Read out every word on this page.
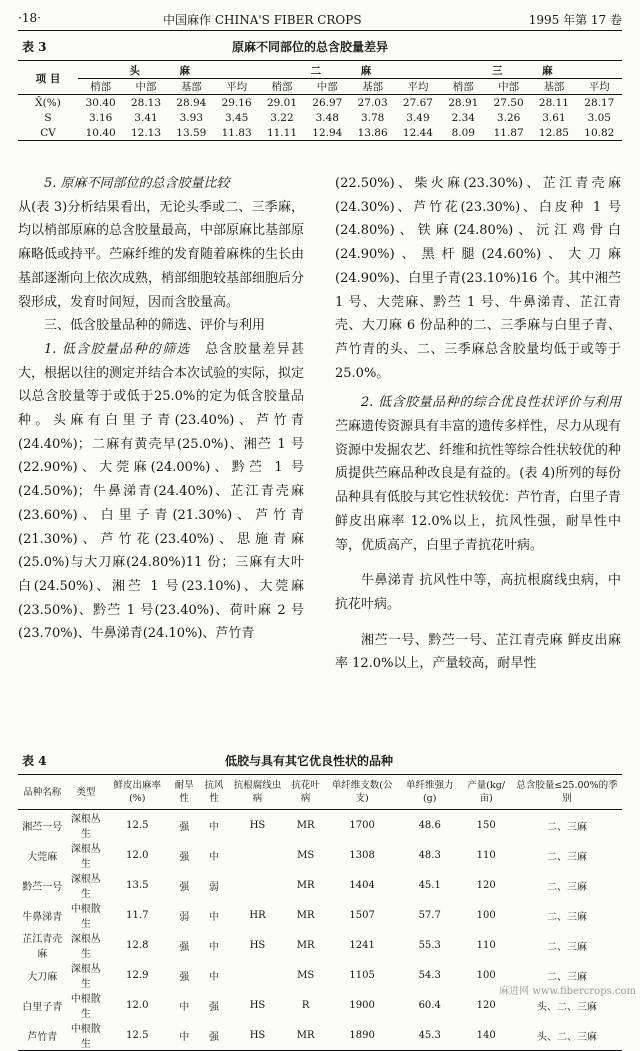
·18·	中国麻作 CHINA'S FIBER CROPS	1995 年第 17 卷
表 3	原麻不同部位的总含胶量差异
项 目	头 麻				二 麻				三 麻			
	梢部	中部	基部	平均	梢部	中部	基部	平均	梢部	中部	基部	平均
X̄(%)	30.40	28.13	28.94	29.16	29.01	26.97	27.03	27.67	28.91	27.50	28.11	28.17
S	3.16	3.41	3.93	3.45	3.22	3.48	3.78	3.49	2.34	3.26	3.61	3.05
CV	10.40	12.13	13.59	11.83	11.11	12.94	13.86	12.44	8.09	11.87	12.85	10.82

5. 原麻不同部位的总含胶量比较

从(表 3)分析结果看出，无论头季或二、三季麻，均以梢部原麻的总含胶量最高，中部原麻比基部原麻略低或持平。苎麻纤维的发育随着麻株的生长由基部逐渐向上依次成熟，梢部细胞较基部细胞后分裂形成，发育时间短，因而含胶量高。

三、低含胶量品种的筛选、评价与利用

1. 低含胶量品种的筛选　 总含胶量差异甚大，根据以往的测定并结合本次试验的实际，拟定以总含胶量等于或低于25.0%的定为低含胶量品种。头麻有白里子青(23.40%)、芦竹青(24.40%)；二麻有黄壳早(25.0%)、湘苎 1 号(22.90%)、大莞麻(24.00%)、黔苎 1 号(24.50%)；牛鼻涕青(24.40%)、芷江青壳麻(23.60%)、白里子青(21.30%)、芦竹青(21.30%)、芦竹花(23.40%)、思施青麻(25.0%)与大刀麻(24.80%)11 份；三麻有大叶白(24.50%)、湘苎 1 号(23.10%)、大莞麻(23.50%)、黔苎 1 号(23.40%)、荷叶麻 2 号(23.70%)、牛鼻涕青(24.10%)、芦竹青

(22.50%)、柴火麻(23.30%)、芷江青壳麻(24.30%)、芦竹花(23.30%)、白皮种 1 号(24.80%)、铁麻(24.80%)、沅江鸡骨白(24.90%)、黑杆腿(24.60%)、大刀麻(24.90%)、白里子青(23.10%)16 个。其中湘苎 1 号、大莞麻、黔苎 1 号、牛鼻涕青、芷江青壳、大刀麻 6 份品种的二、三季麻与白里子青、芦竹青的头、二、三季麻总含胶量均低于或等于 25.0%。

2. 低含胶量品种的综合优良性状评价与利用　苎麻遗传资源具有丰富的遗传多样性，尽力从现有资源中发掘农艺、纤维和抗性等综合性状较优的种质提供苎麻品种改良是有益的。(表 4)所列的每份品种具有低胶与其它性状较优：芦竹青，白里子青 鲜皮出麻率 12.0%以上，抗风性强，耐旱性中等，优质高产，白里子青抗花叶病。

牛鼻涕青 抗风性中等，高抗根腐线虫病，中抗花叶病。

湘苎一号、黔苎一号、芷江青壳麻 鲜皮出麻率 12.0%以上，产量较高，耐旱性

表 4	低胶与具有其它优良性状的品种
品种名称	类型	鲜皮出麻率(%)	耐旱性	抗风性	抗根腐线虫病	抗花叶病	单纤维支数(公支)	单纤维强力(g)	产量(kg/亩)	总含胶量≤25.00%的季别
湘苎一号	深根丛生	12.5	强	中	HS	MR	1700	48.6	150	二、三麻
大莞麻	深根丛生	12.0	强	中		MS	1308	48.3	110	二、三麻
黔苎一号	深根丛生	13.5	强	弱		MR	1404	45.1	120	二、三麻
牛鼻涕青	中根散生	11.7	弱	中	HR	MR	1507	57.7	100	二、三麻
芷江青壳麻	深根丛生	12.8	强	中	HS	MR	1241	55.3	110	二、三麻
大刀麻	深根丛生	12.9	强	中		MS	1105	54.3	100	二、三麻
白里子青	中根散生	12.0	中	强	HS	R	1900	60.4	120	头、二、三麻
芦竹青	中根散生	12.5	中	强	HS	MR	1890	45.3	140	头、二、三麻
麻进网 www.fibercrops.com
